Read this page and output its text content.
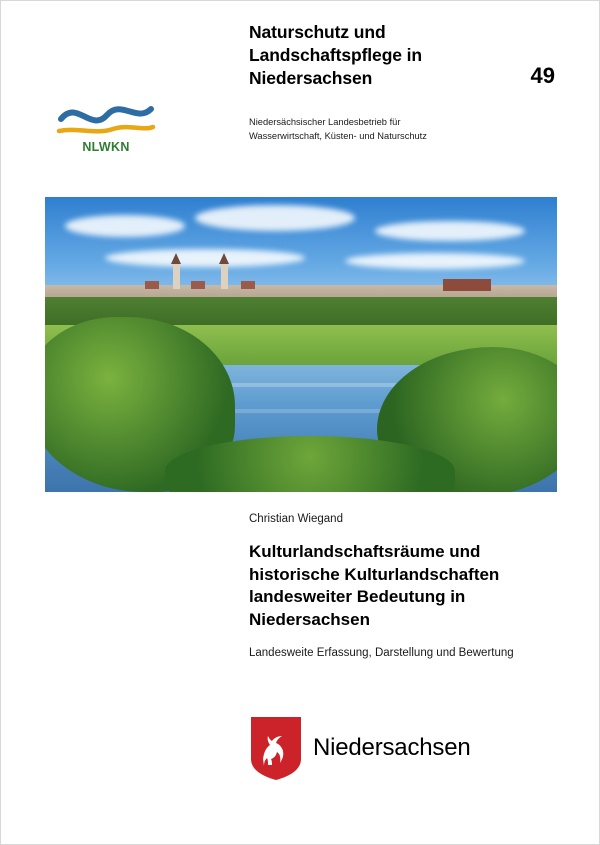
Naturschutz und Landschaftspflege in Niedersachsen	49
Niedersächsischer Landesbetrieb für
Wasserwirtschaft, Küsten- und Naturschutz
NLWKN

Christian Wiegand

Kulturlandschaftsräume und historische Kulturlandschaften landesweiter Bedeutung in Niedersachsen

Landesweite Erfassung, Darstellung und Bewertung

Niedersachsen
